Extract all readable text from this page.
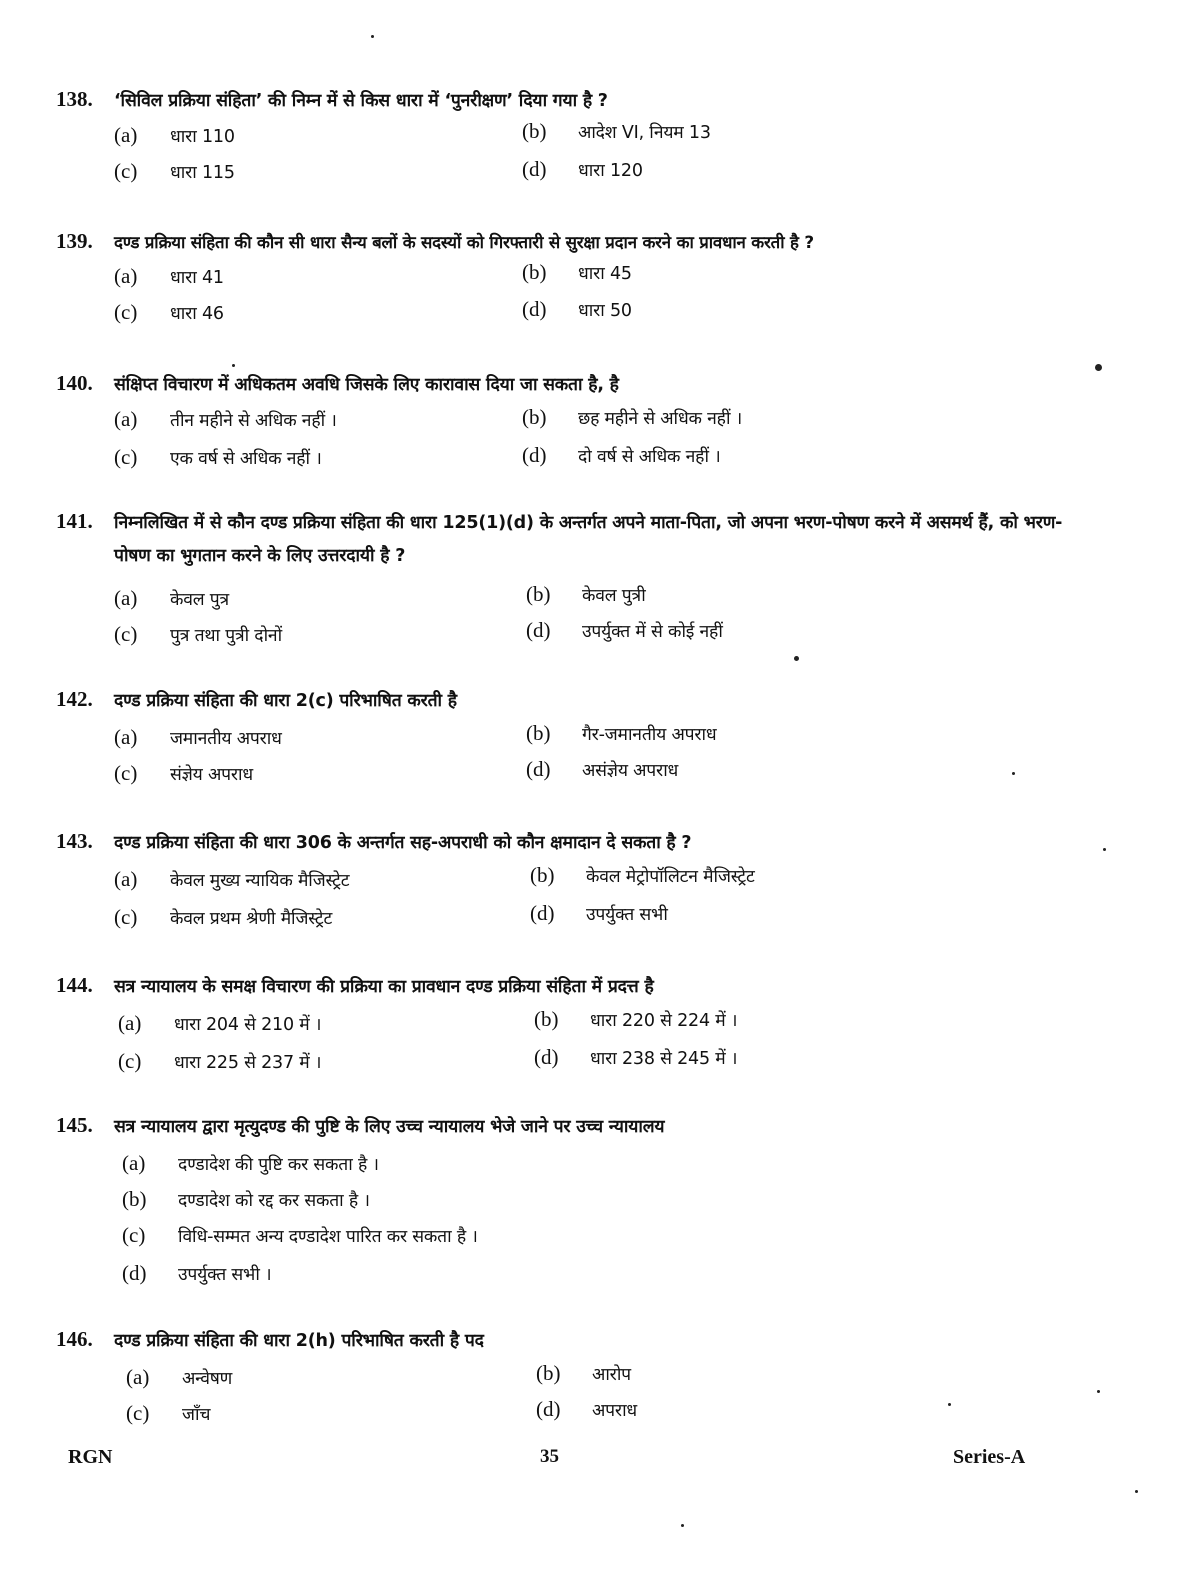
138.	‘सिविल प्रक्रिया संहिता’ की निम्न में से किस धारा में ‘पुनरीक्षण’ दिया गया है ?
(a)	धारा 110	(b)	आदेश VI, नियम 13
(c)	धारा 115	(d)	धारा 120
139.	दण्ड प्रक्रिया संहिता की कौन सी धारा सैन्य बलों के सदस्यों को गिरफ्तारी से सुरक्षा प्रदान करने का प्रावधान करती है ?
(a)	धारा 41	(b)	धारा 45
(c)	धारा 46	(d)	धारा 50
140.	संक्षिप्त विचारण में अधिकतम अवधि जिसके लिए कारावास दिया जा सकता है, है
(a)	तीन महीने से अधिक नहीं ।	(b)	छह महीने से अधिक नहीं ।
(c)	एक वर्ष से अधिक नहीं ।	(d)	दो वर्ष से अधिक नहीं ।
141.	निम्नलिखित में से कौन दण्ड प्रक्रिया संहिता की धारा 125(1)(d) के अन्तर्गत अपने माता-पिता, जो अपना भरण-पोषण करने में असमर्थ हैं, को भरण-पोषण का भुगतान करने के लिए उत्तरदायी है ?
(a)	केवल पुत्र	(b)	केवल पुत्री
(c)	पुत्र तथा पुत्री दोनों	(d)	उपर्युक्त में से कोई नहीं
142.	दण्ड प्रक्रिया संहिता की धारा 2(c) परिभाषित करती है
(a)	जमानतीय अपराध	(b)	गैर-जमानतीय अपराध
(c)	संज्ञेय अपराध	(d)	असंज्ञेय अपराध
143.	दण्ड प्रक्रिया संहिता की धारा 306 के अन्तर्गत सह-अपराधी को कौन क्षमादान दे सकता है ?
(a)	केवल मुख्य न्यायिक मैजिस्ट्रेट	(b)	केवल मेट्रोपॉलिटन मैजिस्ट्रेट
(c)	केवल प्रथम श्रेणी मैजिस्ट्रेट	(d)	उपर्युक्त सभी
144.	सत्र न्यायालय के समक्ष विचारण की प्रक्रिया का प्रावधान दण्ड प्रक्रिया संहिता में प्रदत्त है
(a)	धारा 204 से 210 में ।	(b)	धारा 220 से 224 में ।
(c)	धारा 225 से 237 में ।	(d)	धारा 238 से 245 में ।
145.	सत्र न्यायालय द्वारा मृत्युदण्ड की पुष्टि के लिए उच्च न्यायालय भेजे जाने पर उच्च न्यायालय
(a)	दण्डादेश की पुष्टि कर सकता है ।
(b)	दण्डादेश को रद्द कर सकता है ।
(c)	विधि-सम्मत अन्य दण्डादेश पारित कर सकता है ।
(d)	उपर्युक्त सभी ।
146.	दण्ड प्रक्रिया संहिता की धारा 2(h) परिभाषित करती है पद
(a)	अन्वेषण	(b)	आरोप
(c)	जाँच	(d)	अपराध
RGN	35	Series-A
